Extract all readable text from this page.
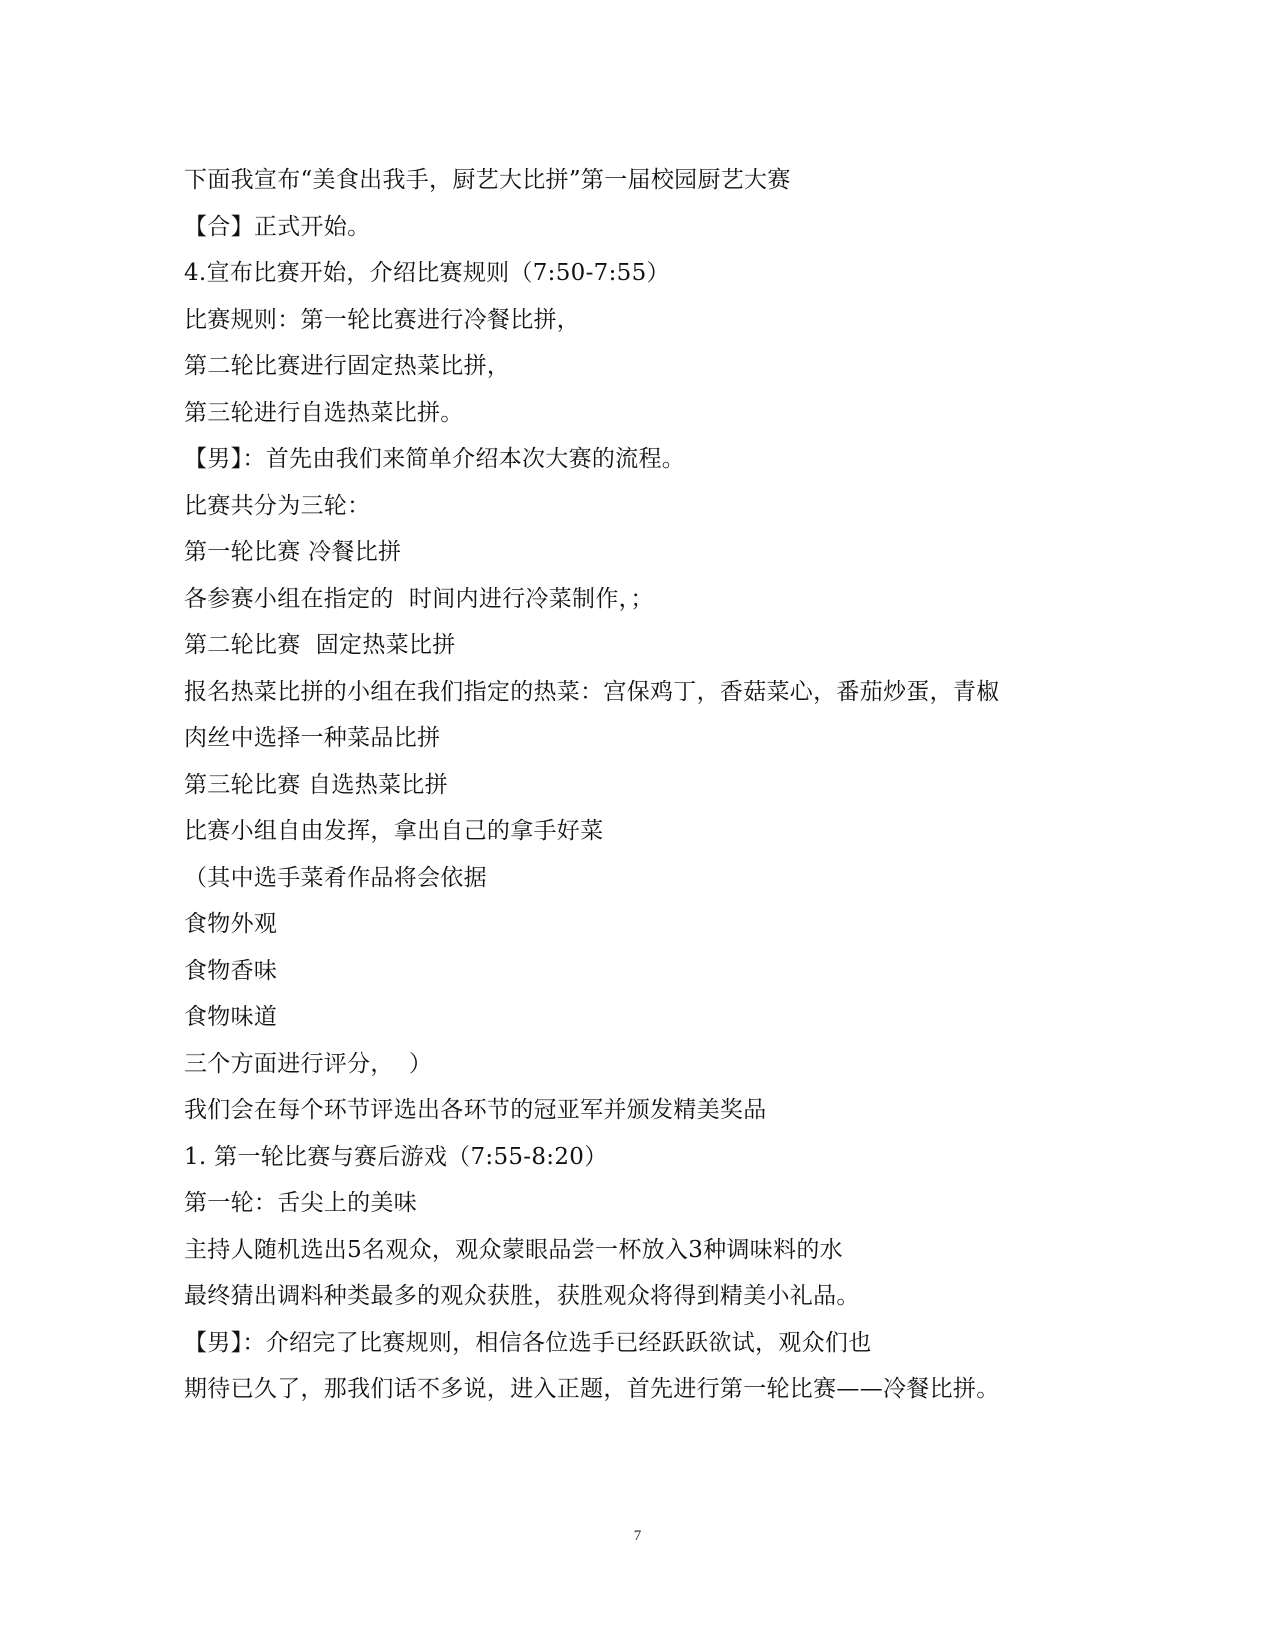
下面我宣布“美食出我手，厨艺大比拼”第一届校园厨艺大赛
【合】正式开始。
4.宣布比赛开始，介绍比赛规则（7:50-7:55）
比赛规则：第一轮比赛进行冷餐比拼，
第二轮比赛进行固定热菜比拼，
第三轮进行自选热菜比拼。
【男】：首先由我们来简单介绍本次大赛的流程。
比赛共分为三轮：
第一轮比赛 冷餐比拼
各参赛小组在指定的  时间内进行冷菜制作，；
第二轮比赛  固定热菜比拼
报名热菜比拼的小组在我们指定的热菜：宫保鸡丁，香菇菜心，番茄炒蛋，青椒
肉丝中选择一种菜品比拼
第三轮比赛 自选热菜比拼
比赛小组自由发挥，拿出自己的拿手好菜
（其中选手菜肴作品将会依据
食物外观
食物香味
食物味道
三个方面进行评分，  ）
我们会在每个环节评选出各环节的冠亚军并颁发精美奖品
1. 第一轮比赛与赛后游戏（7:55-8:20）
第一轮：舌尖上的美味
主持人随机选出5名观众，观众蒙眼品尝一杯放入3种调味料的水
最终猜出调料种类最多的观众获胜，获胜观众将得到精美小礼品。
【男】：介绍完了比赛规则，相信各位选手已经跃跃欲试，观众们也
期待已久了，那我们话不多说，进入正题，首先进行第一轮比赛——冷餐比拼。
7
